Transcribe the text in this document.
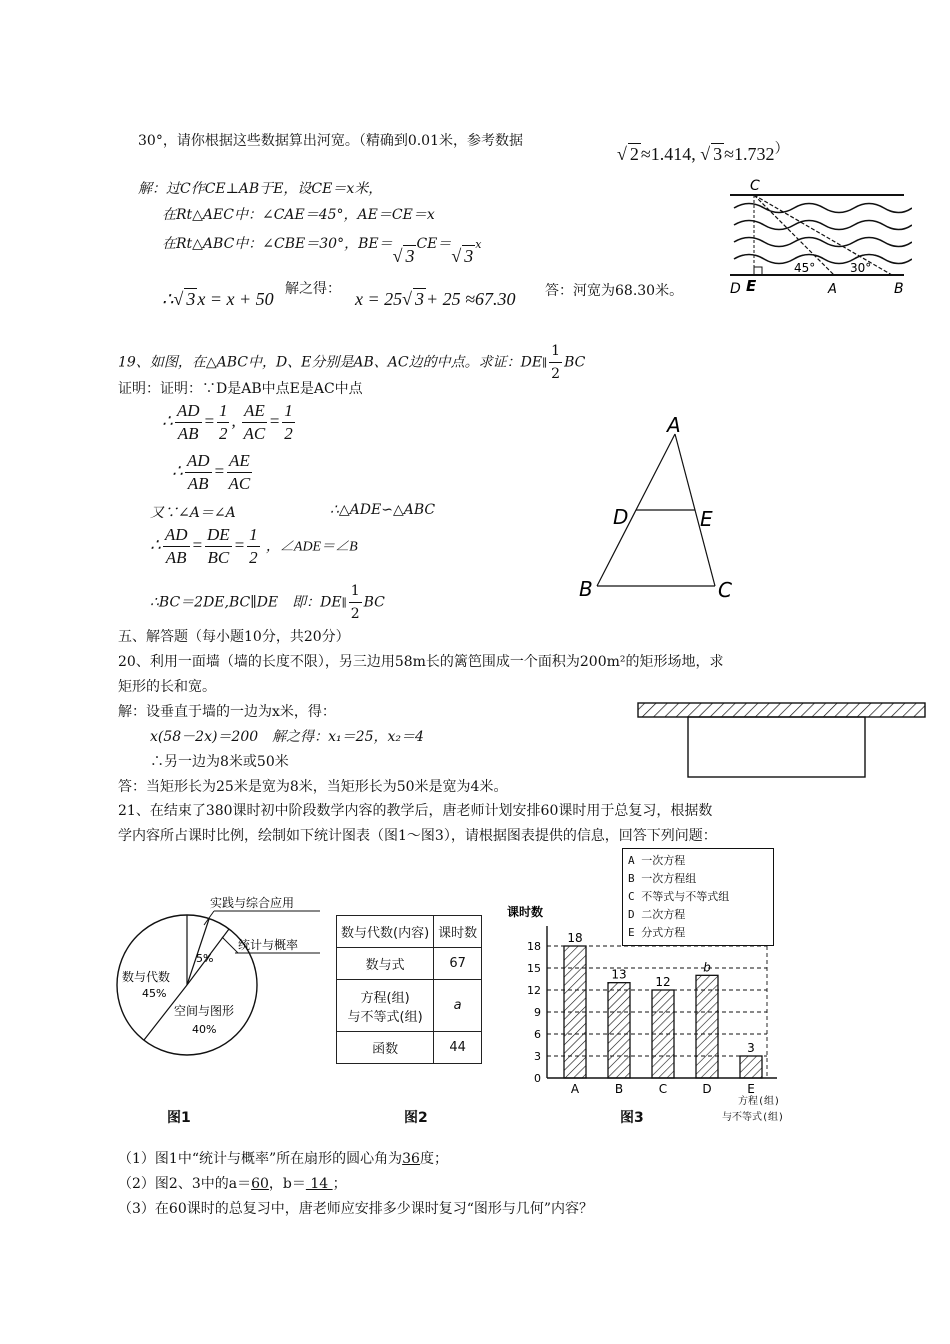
30°，请你根据这些数据算出河宽。（精确到0.01米，参考数据
√ 2 ≈1.414, √ 3 ≈1.732）
解：过C作CE⊥AB于E，设CE＝x米，
在Rt△AEC中：∠CAE＝45°，AE＝CE＝x
在Rt△ABC中：∠CBE＝30°，BE＝√ 3CE＝√ 3x
∴√ 3 x = x + 50 解之得： x = 25√ 3 + 25 ≈67.30 答：河宽为68.30米。
C
D E	A	B
45°	30°
19、如图，在△ABC中，D、E分别是AB、AC边的中点。求证：DE∥ $\frac{1}{2}$ BC
证明：证明：∵D是AB中点E是AC中点
∴ $\frac{AD}{AB} = \frac{1}{2}$ , $\frac{AE}{AC} = \frac{1}{2}$
∴ $\frac{AD}{AB} = \frac{AE}{AC}$
又∵∠A＝∠A	∴△ADE∽△ABC
∴ $\frac{AD}{AB} = \frac{DE}{BC} = \frac{1}{2}$ ，∠ADE＝∠B
∴BC＝2DE,BC∥DE　即：DE∥ $\frac{1}{2}$ BC
A
B	C
D	E
五、解答题（每小题10分，共20分）
20、利用一面墙（墙的长度不限），另三边用58m长的篱笆围成一个面积为200m²的矩形场地，求
矩形的长和宽。
解：设垂直于墙的一边为x米，得：
x(58－2x)＝200　解之得：x₁＝25，x₂＝4
∴另一边为8米或50米
答：当矩形长为25米是宽为8米，当矩形长为50米是宽为4米。
21、在结束了380课时初中阶段数学内容的教学后，唐老师计划安排60课时用于总复习，根据数
学内容所占课时比例，绘制如下统计图表（图1～图3），请根据图表提供的信息，回答下列问题：
实践与综合应用
统计与概率
5%
数与代数
45%
空间与图形
40%
图1
数与代数(内容)	课时数
数与式	67
方程(组)
与不等式(组)	a
函数	44
图2
A 一次方程
B 一次方程组
C 不等式与不等式组
D 二次方程
E 分式方程
课时数
0
3
6
9
12
15
18
18
A
13
B
12
C
b
D
3
E
图3
方程(组)
与不等式(组)
（1）图1中“统计与概率”所在扇形的圆心角为36度；
（2）图2、3中的a＝60，b＝ 14 ；
（3）在60课时的总复习中，唐老师应安排多少课时复习“图形与几何”内容？
